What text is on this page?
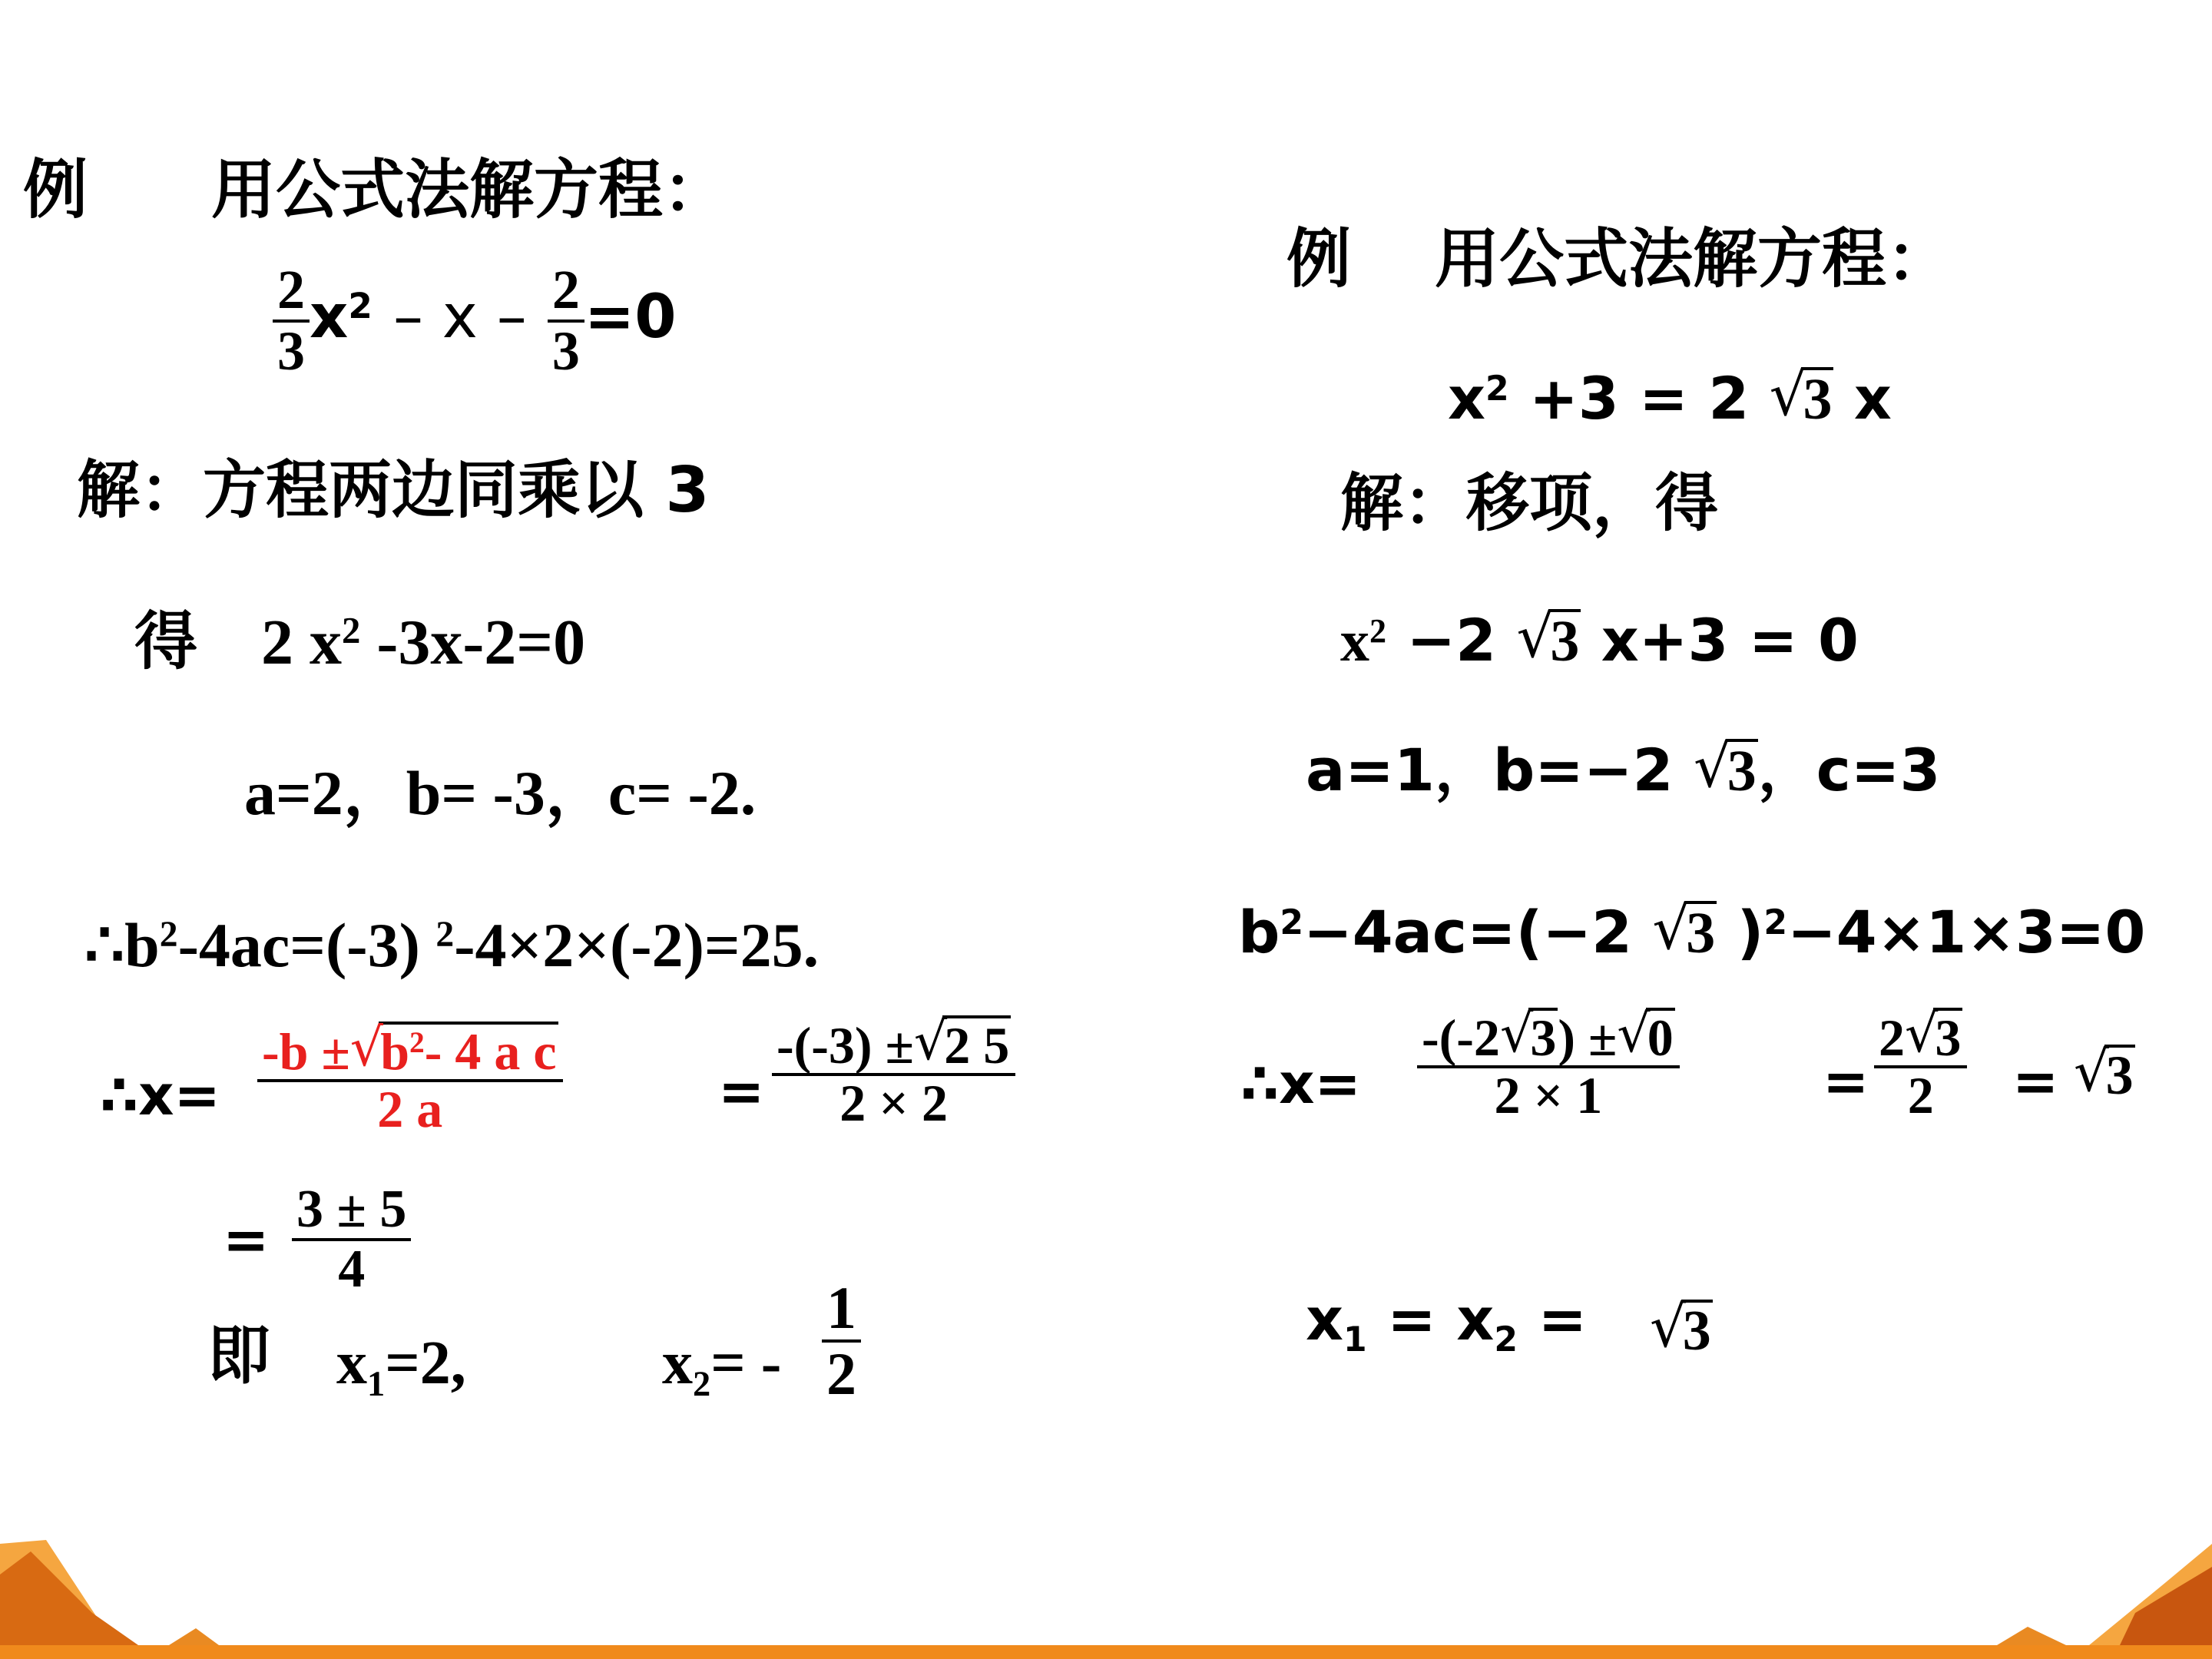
例 用公式法解方程：
$\frac{2}{3} x^2 - x - \frac{2}{3} =0$
解：方程两边同乘以 3
得 2 $x^2$ -3x-2=0
a=2，b= -3，c= -2.
$\therefore b^2-4ac=(-3)$ $^2$-4×2×(-2)=25.
∴x= $\frac{-b \pm√ b^2- 4 a c}{2 a}$	= $\frac{-(-3) \pm √ 2 5}{2 \times 2}$
= $\frac{3 \pm 5}{4}$
即 $x_1=2$,	$x_2= - \frac{1}{2}$
例 用公式法解方程：
$x^2 +3 = 2$ √ 3 x
解：移项，得
$x^2 -2$ √ 3 x+3 = 0
a=1，b=−2 √ 3，c=3
$b^2-4ac=(-2$ √ 3 )$^2$−4×1×3=0
∴x= $\frac{-(-2 √ 3) \pm √ 0}{2 \times 1}$	= $\frac{2 √ 3}{2}$ = √ 3
$x_1 = x_2$ =	√ 3
